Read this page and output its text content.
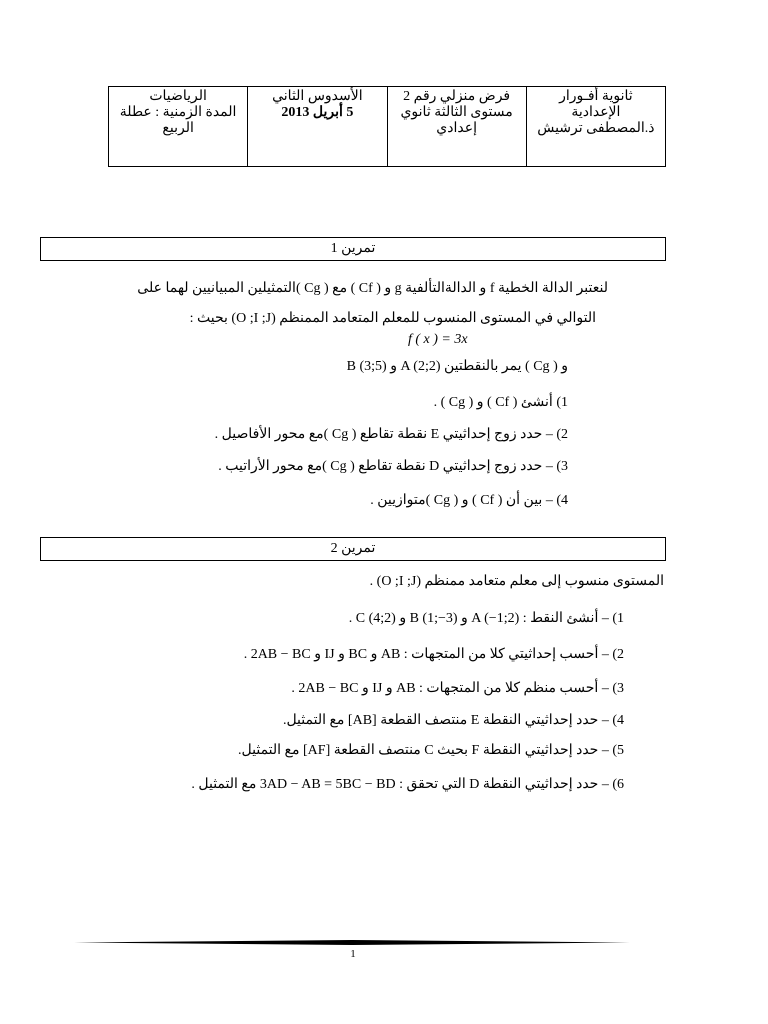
ثانوية أفـورار
الإعدادية
ذ.المصطفى ترشيش

فرض منزلي رقم 2
مستوى الثالثة ثانوي
إعدادي

الأسدوس الثاني
5 أبريل 2013

الرياضيات
المدة الزمنية : عطلة
الربيع
تمرين 1
لنعتبر الدالة الخطية f و الدالةالتألفية g و ( Cf ) مع ( Cg )التمثيلين المبيانيين لهما على
التوالي في المستوى المنسوب للمعلم المتعامد الممنظم (O ;I ;J) بحيث :
f ( x ) = 3x
و ( Cg ) يمر بالنقطتين A (2;2) و B (3;5)
1) أنشئ ( Cf ) و ( Cg ) .
2) – حدد زوج إحداثيتي E نقطة تقاطع ( Cg )مع محور الأفاصيل .
3) – حدد زوج إحداثيتي D نقطة تقاطع ( Cg )مع محور الأراتيب .
4) – بين أن ( Cf ) و ( Cg )متوازيين .
تمرين 2
المستوى منسوب إلى معلم متعامد ممنظم (O ;I ;J) .
1) – أنشئ النقط : A (−1;2) و B (1;−3) و C (4;2) .
2) – أحسب إحداثيتي كلا من المتجهات : AB و BC و IJ و 2AB − BC .
3) – أحسب منظم كلا من المتجهات : AB و IJ و 2AB − BC .
4) – حدد إحداثيتي النقطة E منتصف القطعة [AB] مع التمثيل.
5) – حدد إحداثيتي النقطة F بحيث C منتصف القطعة [AF] مع التمثيل.
6) – حدد إحداثيتي النقطة D التي تحقق : 3AD − AB = 5BC − BD مع التمثيل .
1
